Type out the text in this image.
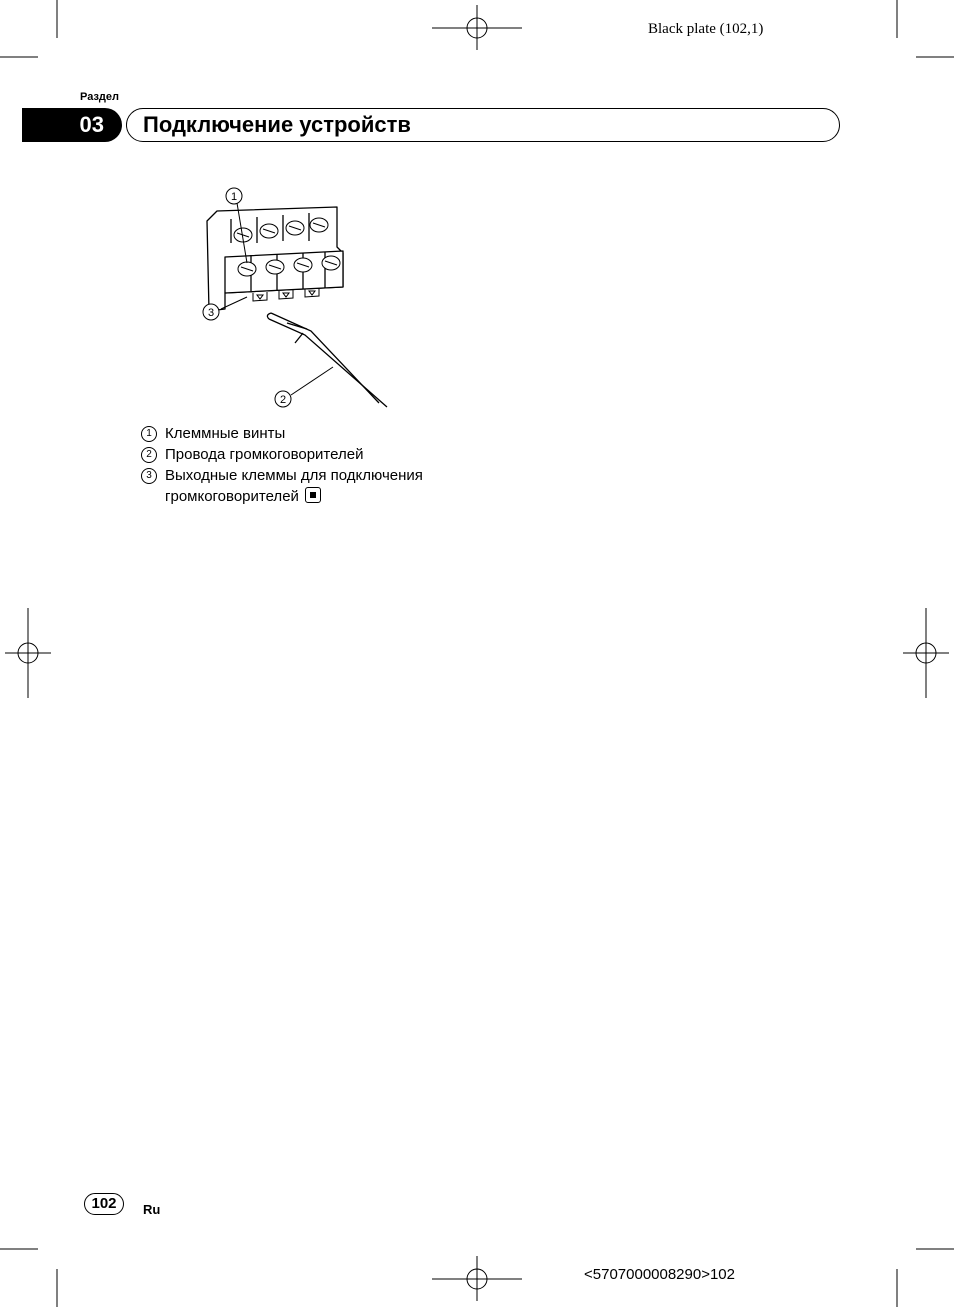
Black plate (102,1)
Раздел
03	Подключение устройств
1
2
3
1 Клеммные винты
2 Провода громкоговорителей
3 Выходные клеммы для подключения громкоговорителей
102	Ru
<5707000008290>102
